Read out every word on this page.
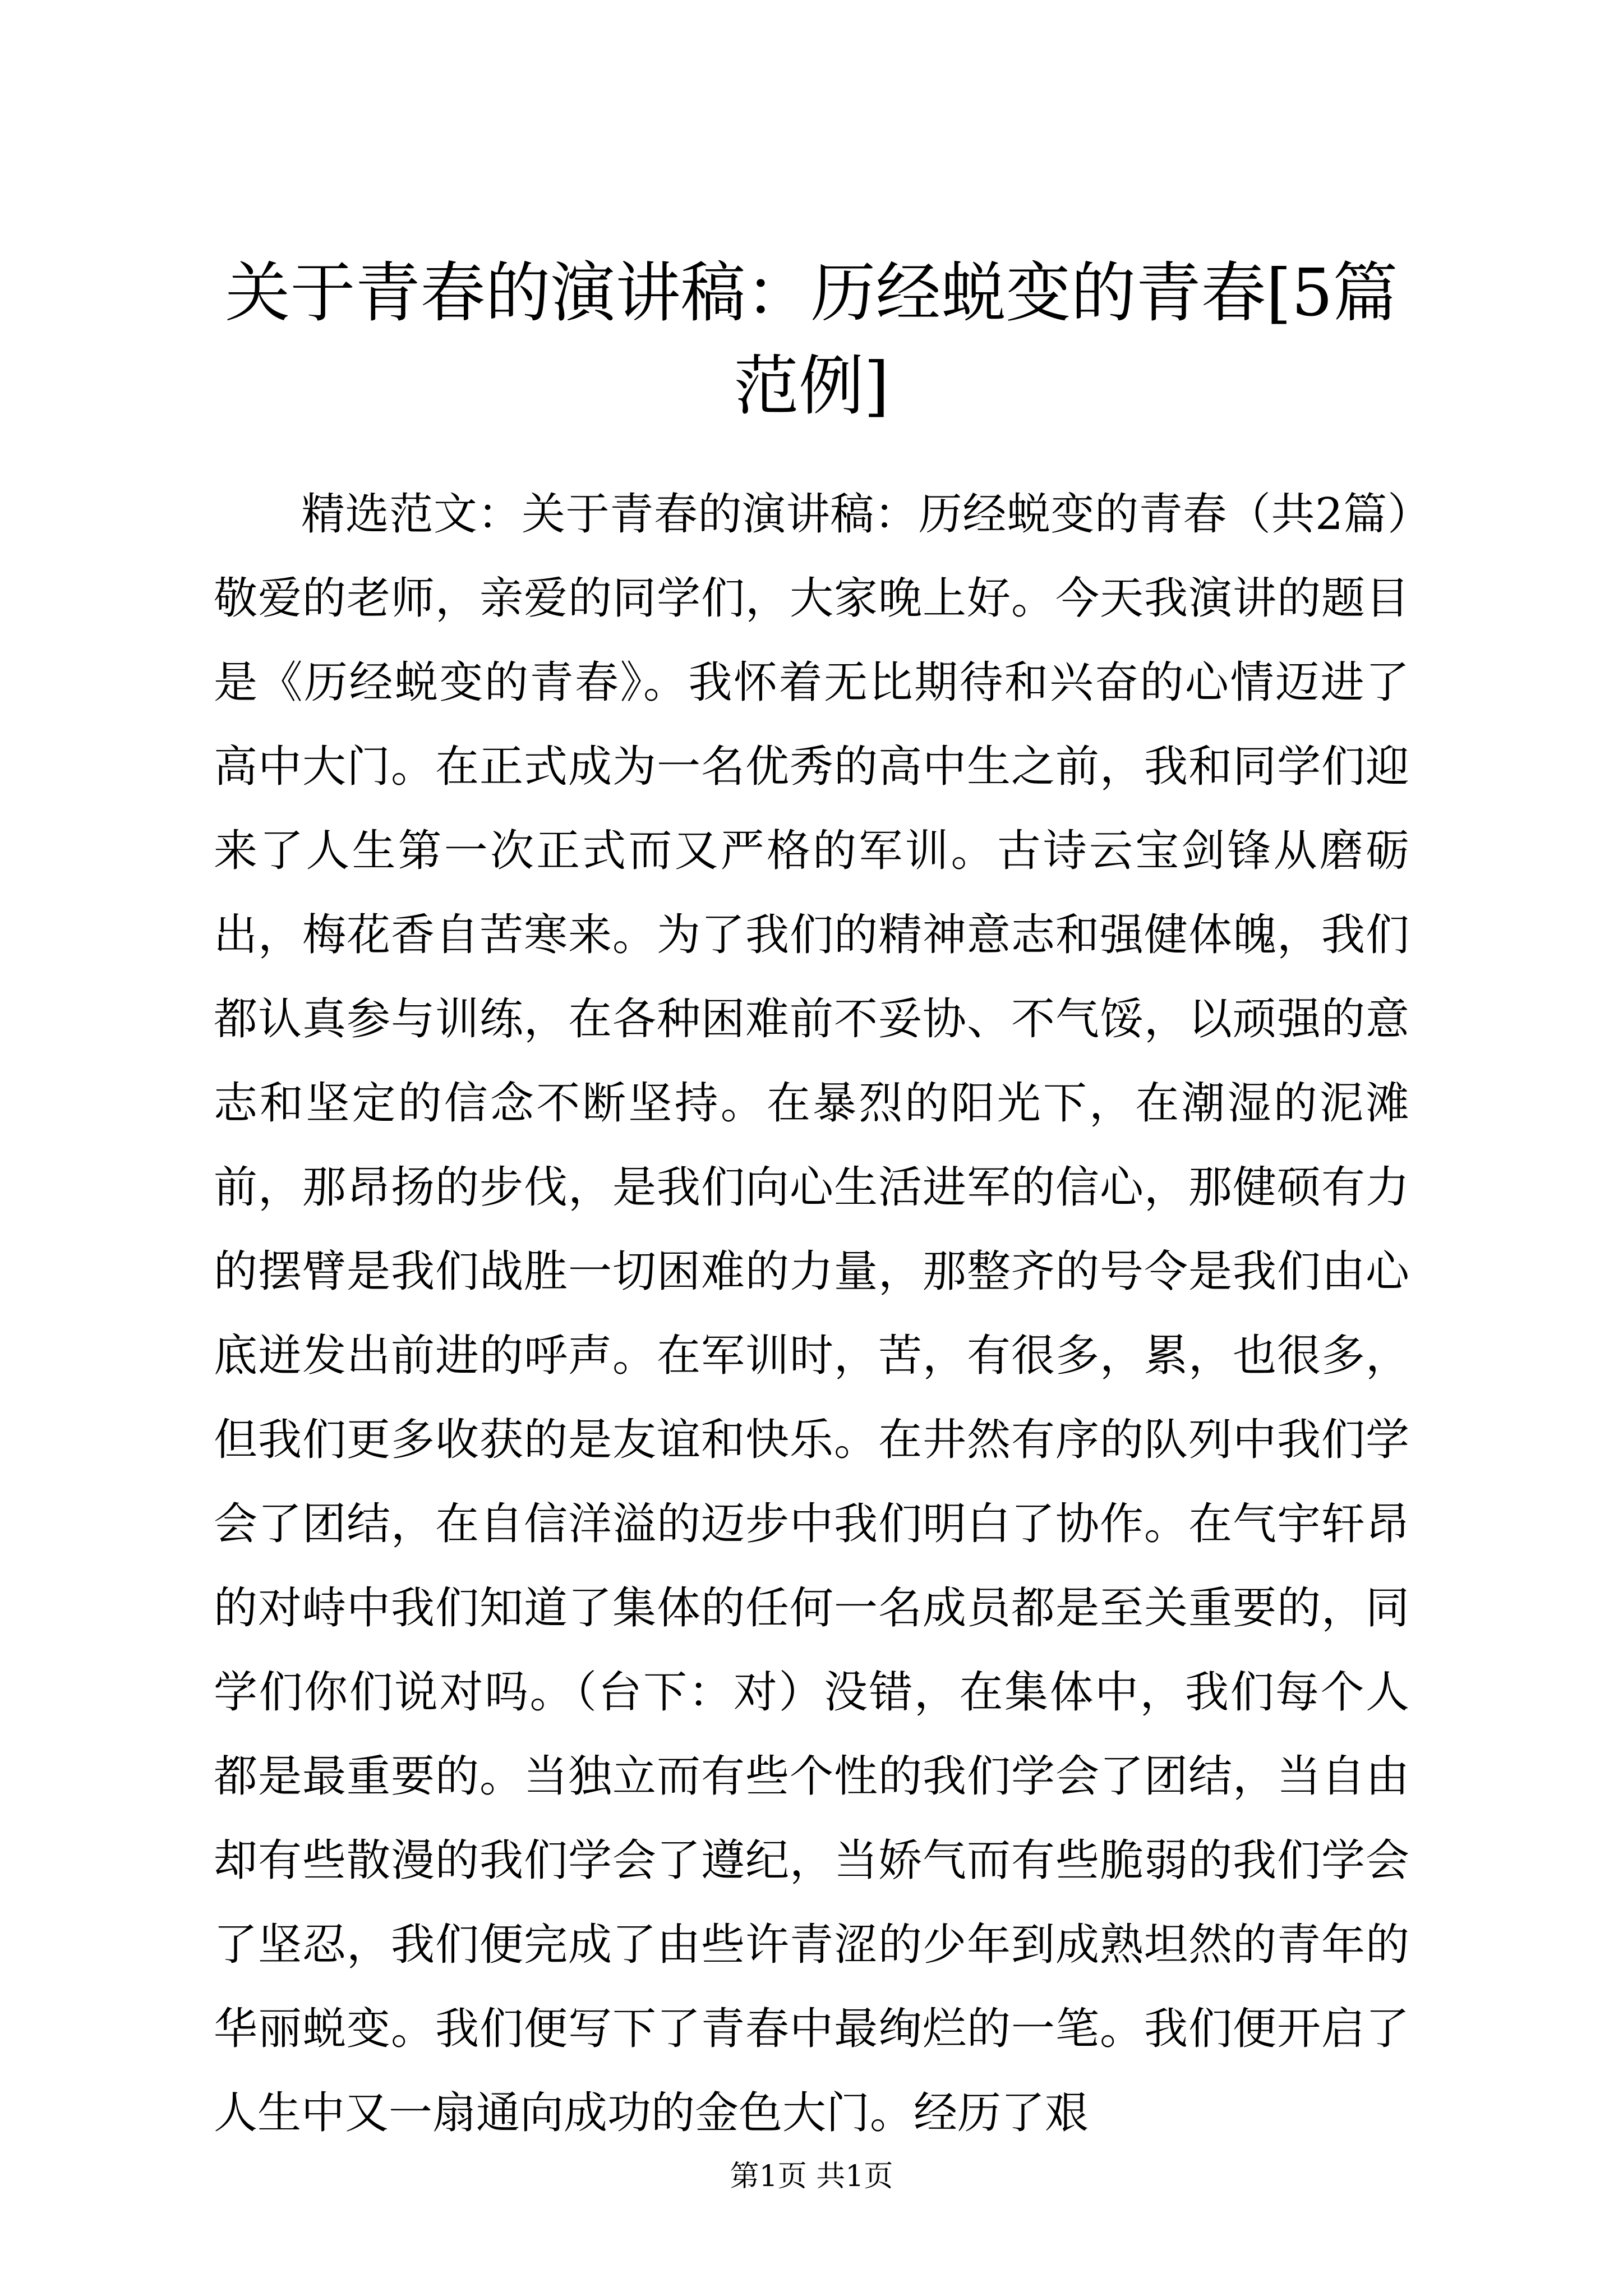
关于青春的演讲稿：历经蜕变的青春[5篇范例]

精选范文：关于青春的演讲稿：历经蜕变的青春（共2篇）敬爱的老师，亲爱的同学们，大家晚上好。今天我演讲的题目是《历经蜕变的青春》。我怀着无比期待和兴奋的心情迈进了高中大门。在正式成为一名优秀的高中生之前，我和同学们迎来了人生第一次正式而又严格的军训。古诗云宝剑锋从磨砺出，梅花香自苦寒来。为了我们的精神意志和强健体魄，我们都认真参与训练，在各种困难前不妥协、不气馁，以顽强的意志和坚定的信念不断坚持。在暴烈的阳光下，在潮湿的泥滩前，那昂扬的步伐，是我们向心生活进军的信心，那健硕有力的摆臂是我们战胜一切困难的力量，那整齐的号令是我们由心底迸发出前进的呼声。在军训时，苦，有很多，累，也很多，但我们更多收获的是友谊和快乐。在井然有序的队列中我们学会了团结，在自信洋溢的迈步中我们明白了协作。在气宇轩昂的对峙中我们知道了集体的任何一名成员都是至关重要的，同学们你们说对吗。（台下：对）没错，在集体中，我们每个人都是最重要的。当独立而有些个性的我们学会了团结，当自由却有些散漫的我们学会了遵纪，当娇气而有些脆弱的我们学会了坚忍，我们便完成了由些许青涩的少年到成熟坦然的青年的华丽蜕变。我们便写下了青春中最绚烂的一笔。我们便开启了人生中又一扇通向成功的金色大门。经历了艰

第1页 共1页
